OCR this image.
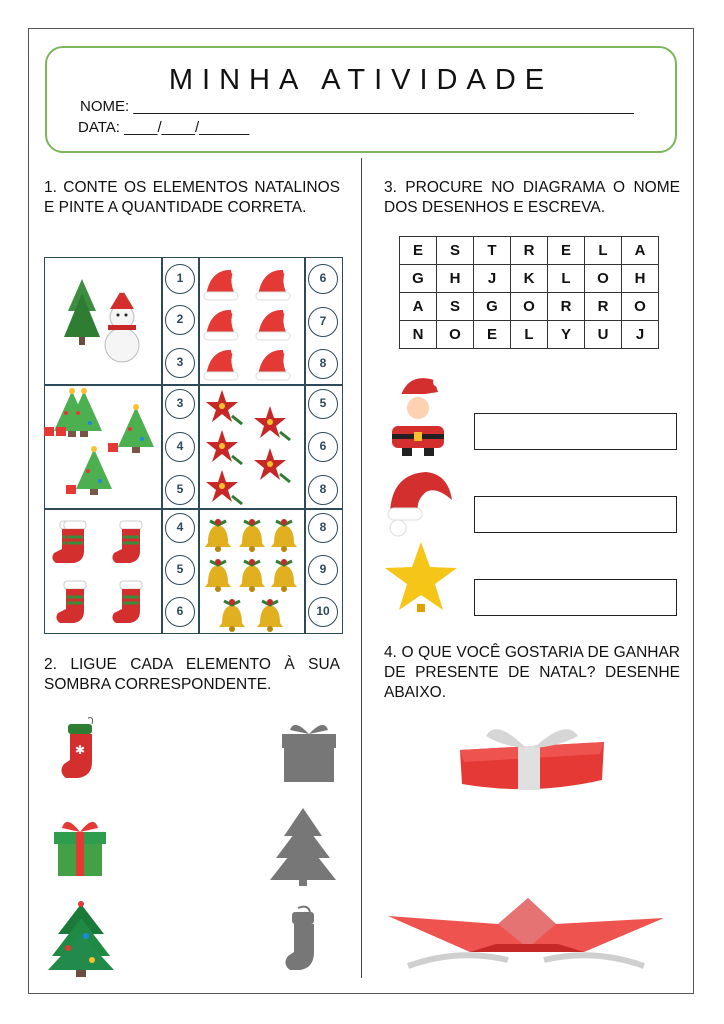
MINHA ATIVIDADE
NOME: ____________________________________________________________
DATA: ____/____/______
1. CONTE OS ELEMENTOS NATALINOS E PINTE A QUANTIDADE CORRETA.
1
2
3
6
7
8
3
4
5
5
6
8
4
5
6
8
9
10
2. LIGUE CADA ELEMENTO À SUA SOMBRA CORRESPONDENTE.
✱
3. PROCURE NO DIAGRAMA O NOME DOS DESENHOS E ESCREVA.
E	S	T	R	E	L	A
G	H	J	K	L	O	H
A	S	G	O	R	R	O
N	O	E	L	Y	U	J
4. O QUE VOCÊ GOSTARIA DE GANHAR DE PRESENTE DE NATAL? DESENHE ABAIXO.
